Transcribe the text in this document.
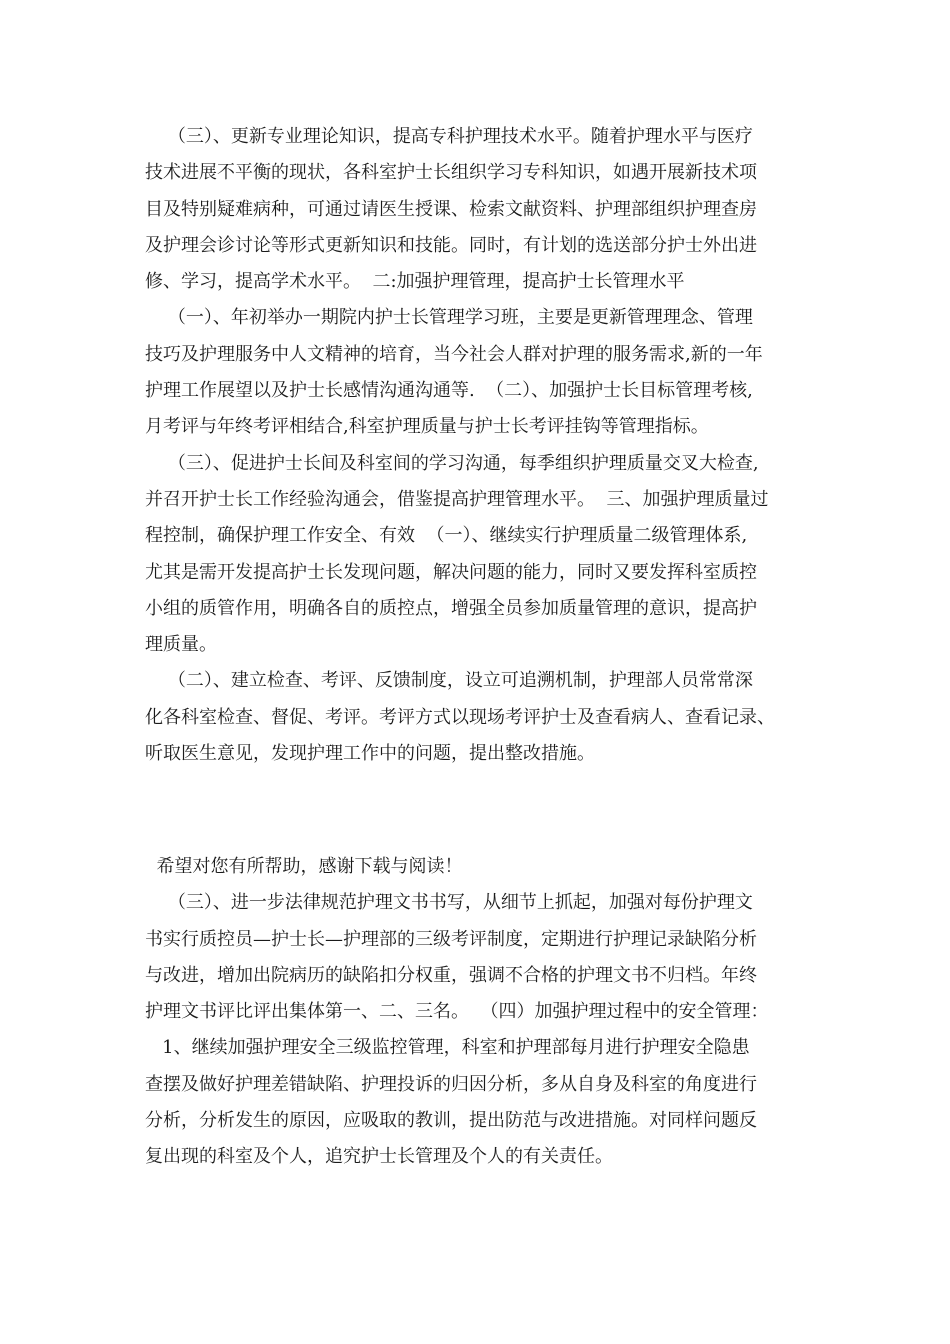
（三）、更新专业理论知识，提高专科护理技术水平。随着护理水平与医疗
技术进展不平衡的现状，各科室护士长组织学习专科知识，如遇开展新技术项
目及特别疑难病种，可通过请医生授课、检索文献资料、护理部组织护理查房
及护理会诊讨论等形式更新知识和技能。同时，有计划的选送部分护士外出进
修、学习，提高学术水平。  二:加强护理管理，提高护士长管理水平
（一）、年初举办一期院内护士长管理学习班，主要是更新管理理念、管理
技巧及护理服务中人文精神的培育，当今社会人群对护理的服务需求,新的一年
护理工作展望以及护士长感情沟通沟通等.  （二）、加强护士长目标管理考核,
月考评与年终考评相结合,科室护理质量与护士长考评挂钩等管理指标。
（三）、促进护士长间及科室间的学习沟通，每季组织护理质量交叉大检查,
并召开护士长工作经验沟通会，借鉴提高护理管理水平。  三、加强护理质量过
程控制，确保护理工作安全、有效  （一）、继续实行护理质量二级管理体系,
尤其是需开发提高护士长发现问题，解决问题的能力，同时又要发挥科室质控
小组的质管作用，明确各自的质控点，增强全员参加质量管理的意识，提高护
理质量。
（二）、建立检查、考评、反馈制度，设立可追溯机制，护理部人员常常深
化各科室检查、督促、考评。考评方式以现场考评护士及查看病人、查看记录、
听取医生意见，发现护理工作中的问题，提出整改措施。
希望对您有所帮助，感谢下载与阅读！
（三）、进一步法律规范护理文书书写，从细节上抓起，加强对每份护理文
书实行质控员—护士长—护理部的三级考评制度，定期进行护理记录缺陷分析
与改进，增加出院病历的缺陷扣分权重，强调不合格的护理文书不归档。年终
护理文书评比评出集体第一、二、三名。  （四）加强护理过程中的安全管理：
1、继续加强护理安全三级监控管理，科室和护理部每月进行护理安全隐患
查摆及做好护理差错缺陷、护理投诉的归因分析，多从自身及科室的角度进行
分析，分析发生的原因，应吸取的教训，提出防范与改进措施。对同样问题反
复出现的科室及个人，追究护士长管理及个人的有关责任。
